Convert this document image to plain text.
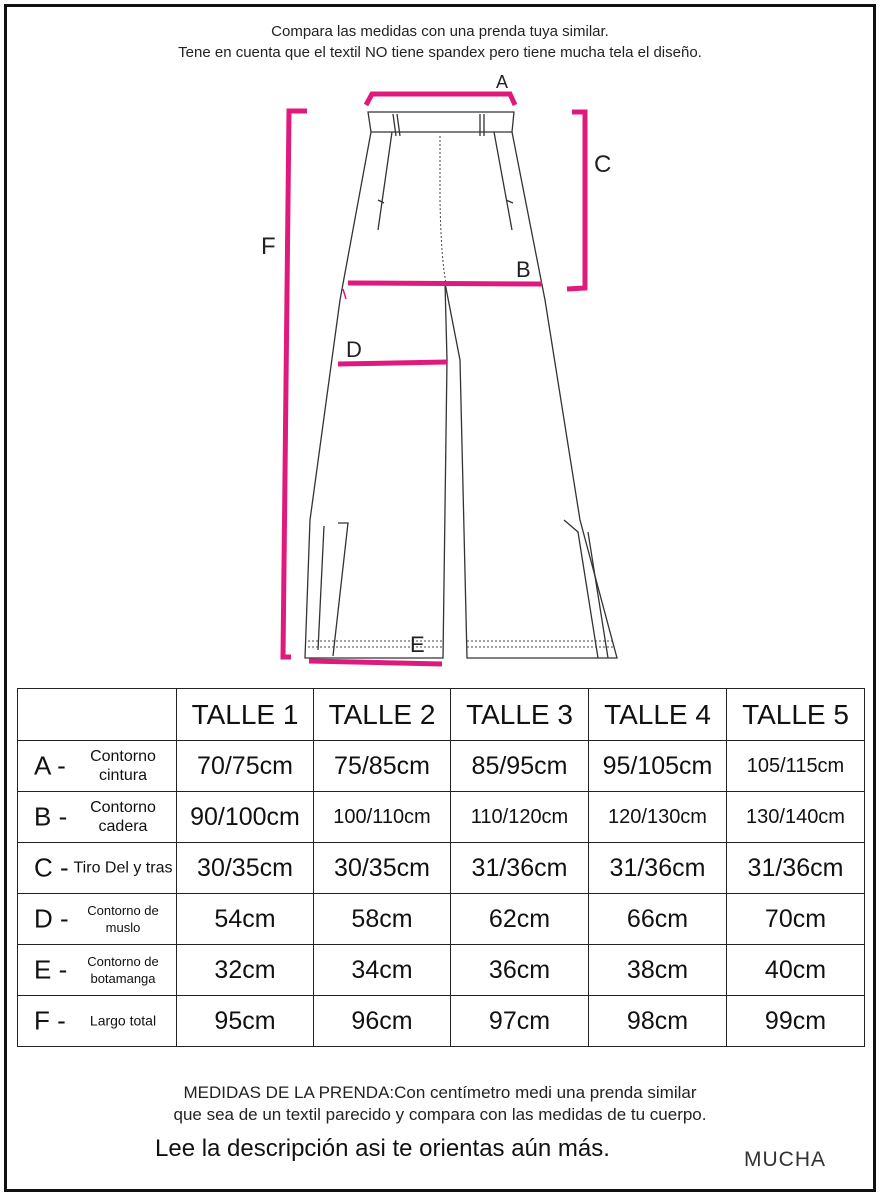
Compara las medidas con una prenda tuya similar.
Tene en cuenta que el textil NO tiene spandex pero tiene mucha tela el diseño.
A
C
F
B
D
E
	TALLE 1	TALLE 2	TALLE 3	TALLE 4	TALLE 5

A - Contorno cintura	70/75cm	75/85cm	85/95cm	95/105cm	105/115cm

B - Contorno cadera	90/100cm	100/110cm	110/120cm	120/130cm	130/140cm

C - Tiro Del y tras	30/35cm	30/35cm	31/36cm	31/36cm	31/36cm

D - Contorno de muslo	54cm	58cm	62cm	66cm	70cm

E - Contorno de botamanga	32cm	34cm	36cm	38cm	40cm

F - Largo total	95cm	96cm	97cm	98cm	99cm
MEDIDAS DE LA PRENDA:Con centímetro medi una prenda similar
que sea de un textil parecido y compara con las medidas de tu cuerpo.
Lee la descripción asi te orientas aún más.	MUCHA
